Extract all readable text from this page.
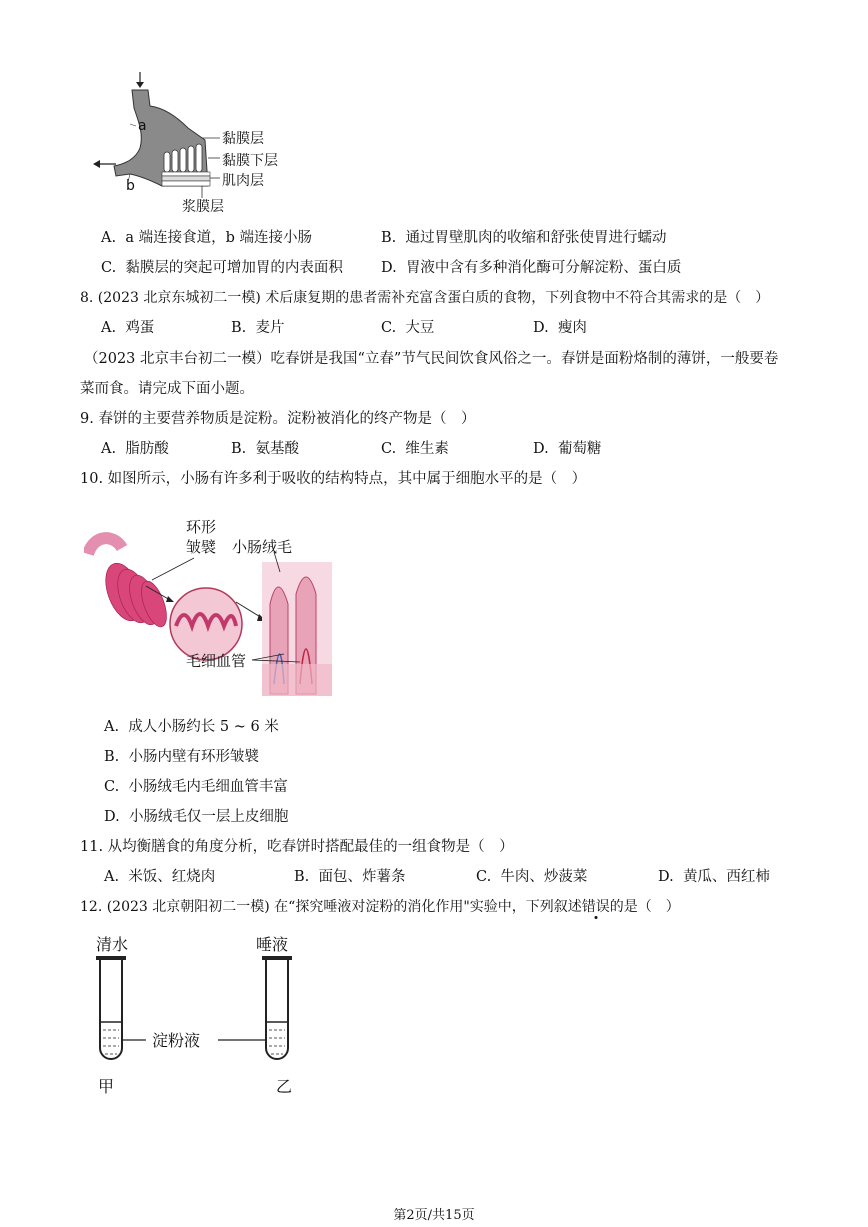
a
b
黏膜层
黏膜下层
肌肉层
浆膜层
A. a 端连接食道，b 端连接小肠	B. 通过胃壁肌肉的收缩和舒张使胃进行蠕动
C. 黏膜层的突起可增加胃的内表面积	D. 胃液中含有多种消化酶可分解淀粉、蛋白质
8. (2023 北京东城初二一模) 术后康复期的患者需补充富含蛋白质的食物，下列食物中不符合其需求的是（　）
A. 鸡蛋	B. 麦片	C. 大豆	D. 瘦肉
（2023 北京丰台初二一模）吃春饼是我国“立春”节气民间饮食风俗之一。春饼是面粉烙制的薄饼，一般要卷
菜而食。请完成下面小题。
9. 春饼的主要营养物质是淀粉。淀粉被消化的终产物是（　）
A. 脂肪酸	B. 氨基酸	C. 维生素	D. 葡萄糖
10. 如图所示，小肠有许多利于吸收的结构特点，其中属于细胞水平的是（　）
环形
皱襞 小肠绒毛
毛细血管
A. 成人小肠约长 5 ~ 6 米
B. 小肠内壁有环形皱襞
C. 小肠绒毛内毛细血管丰富
D. 小肠绒毛仅一层上皮细胞
11. 从均衡膳食的角度分析，吃春饼时搭配最佳的一组食物是（　）
A. 米饭、红烧肉	B. 面包、炸薯条	C. 牛肉、炒菠菜	D. 黄瓜、西红柿
12. (2023 北京朝阳初二一模) 在“探究唾液对淀粉的消化作用"实验中，下列叙述错误的是（　）
清水	唾液
淀粉液
甲	乙
第2页/共15页
